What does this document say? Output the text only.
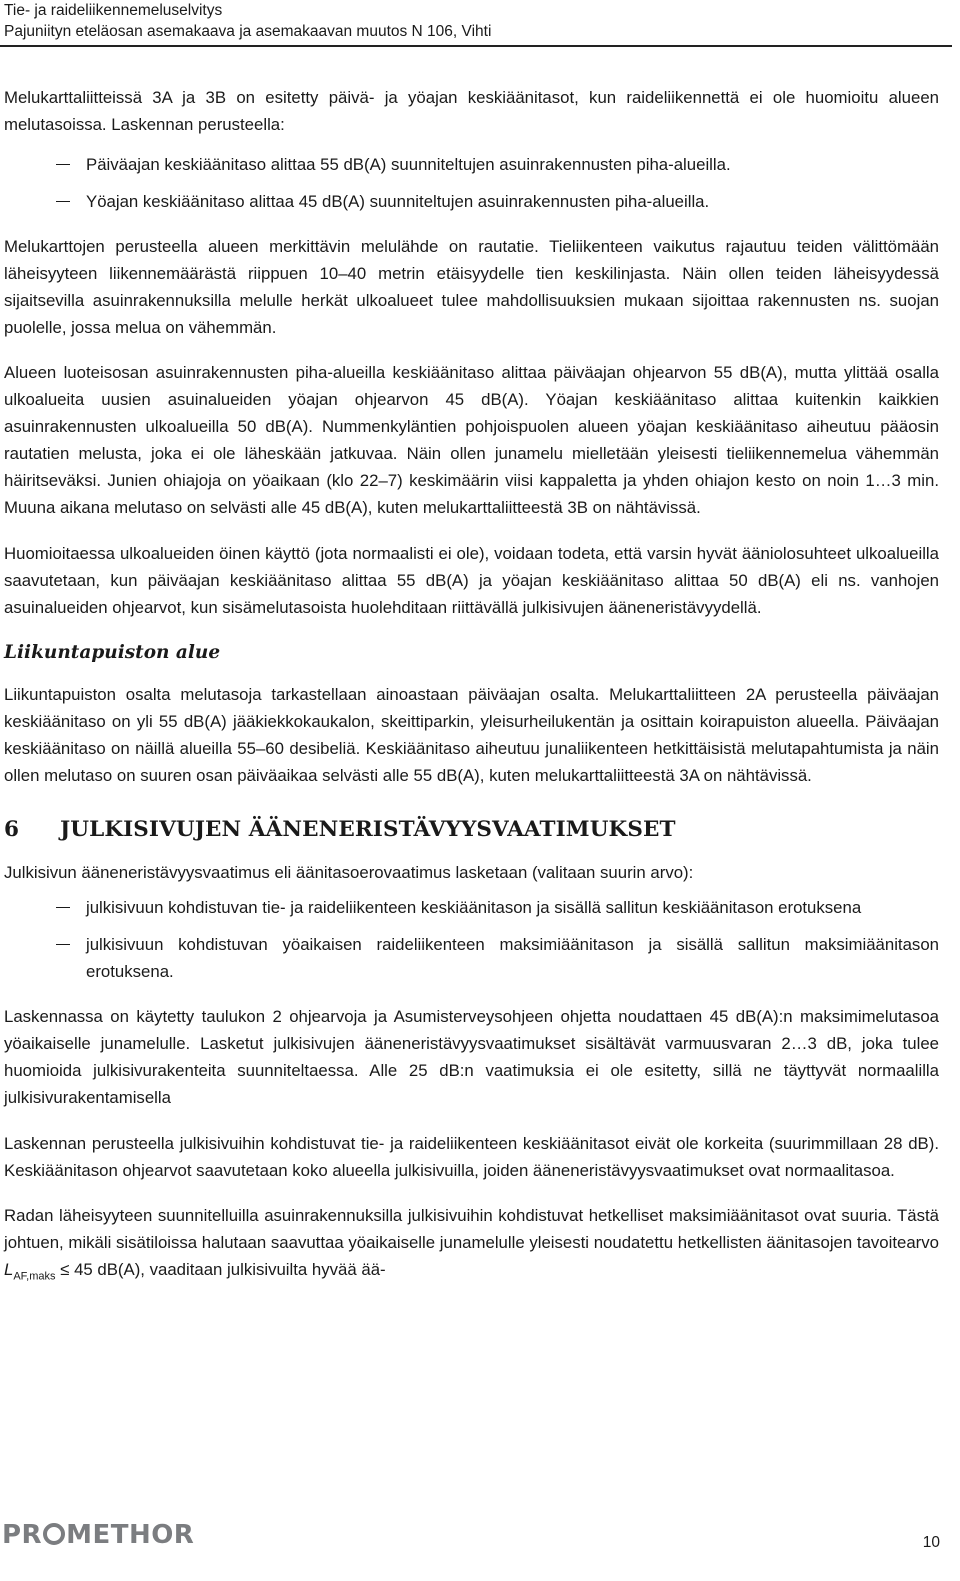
Tie- ja raideliikennemeluselvitys
Pajuniityn eteläosan asemakaava ja asemakaavan muutos N 106, Vihti

Melukarttaliitteissä 3A ja 3B on esitetty päivä- ja yöajan keskiäänitasot, kun raideliikennettä ei ole huomioitu alueen melutasoissa. Laskennan perusteella:

Päiväajan keskiäänitaso alittaa 55 dB(A) suunniteltujen asuinrakennusten piha-alueilla.
Yöajan keskiäänitaso alittaa 45 dB(A) suunniteltujen asuinrakennusten piha-alueilla.

Melukarttojen perusteella alueen merkittävin melulähde on rautatie. Tieliikenteen vaikutus rajautuu teiden välittömään läheisyyteen liikennemäärästä riippuen 10–40 metrin etäisyydelle tien keskilinjasta. Näin ollen teiden läheisyydessä sijaitsevilla asuinrakennuksilla melulle herkät ulkoalueet tulee mahdollisuuksien mukaan sijoittaa rakennusten ns. suojan puolelle, jossa melua on vähemmän.

Alueen luoteisosan asuinrakennusten piha-alueilla keskiäänitaso alittaa päiväajan ohjearvon 55 dB(A), mutta ylittää osalla ulkoalueita uusien asuinalueiden yöajan ohjearvon 45 dB(A). Yöajan keskiäänitaso alittaa kuitenkin kaikkien asuinrakennusten ulkoalueilla 50 dB(A). Nummenkyläntien pohjoispuolen alueen yöajan keskiäänitaso aiheutuu pääosin rautatien melusta, joka ei ole läheskään jatkuvaa. Näin ollen junamelu mielletään yleisesti tieliikennemelua vähemmän häiritseväksi. Junien ohiajoja on yöaikaan (klo 22–7) keskimäärin viisi kappaletta ja yhden ohiajon kesto on noin 1…3 min. Muuna aikana melutaso on selvästi alle 45 dB(A), kuten melukarttaliitteestä 3B on nähtävissä.

Huomioitaessa ulkoalueiden öinen käyttö (jota normaalisti ei ole), voidaan todeta, että varsin hyvät ääniolosuhteet ulkoalueilla saavutetaan, kun päiväajan keskiäänitaso alittaa 55 dB(A) ja yöajan keskiäänitaso alittaa 50 dB(A) eli ns. vanhojen asuinalueiden ohjearvot, kun sisämelutasoista huolehditaan riittävällä julkisivujen ääneneristävyydellä.

Liikuntapuiston alue

Liikuntapuiston osalta melutasoja tarkastellaan ainoastaan päiväajan osalta. Melukarttaliitteen 2A perusteella päiväajan keskiäänitaso on yli 55 dB(A) jääkiekkokaukalon, skeittiparkin, yleisurheilukentän ja osittain koirapuiston alueella. Päiväajan keskiäänitaso on näillä alueilla 55–60 desibeliä. Keskiäänitaso aiheutuu junaliikenteen hetkittäisistä melutapahtumista ja näin ollen melutaso on suuren osan päiväaikaa selvästi alle 55 dB(A), kuten melukarttaliitteestä 3A on nähtävissä.

6 JULKISIVUJEN ÄÄNENERISTÄVYYSVAATIMUKSET

Julkisivun ääneneristävyysvaatimus eli äänitasoerovaatimus lasketaan (valitaan suurin arvo):

julkisivuun kohdistuvan tie- ja raideliikenteen keskiäänitason ja sisällä sallitun keskiäänitason erotuksena
julkisivuun kohdistuvan yöaikaisen raideliikenteen maksimiäänitason ja sisällä sallitun maksimiäänitason erotuksena.

Laskennassa on käytetty taulukon 2 ohjearvoja ja Asumisterveysohjeen ohjetta noudattaen 45 dB(A):n maksimimelutasoa yöaikaiselle junamelulle. Lasketut julkisivujen ääneneristävyysvaatimukset sisältävät varmuusvaran 2…3 dB, joka tulee huomioida julkisivurakenteita suunniteltaessa. Alle 25 dB:n vaatimuksia ei ole esitetty, sillä ne täyttyvät normaalilla julkisivurakentamisella

Laskennan perusteella julkisivuihin kohdistuvat tie- ja raideliikenteen keskiäänitasot eivät ole korkeita (suurimmillaan 28 dB). Keskiäänitason ohjearvot saavutetaan koko alueella julkisivuilla, joiden ääneneristävyysvaatimukset ovat normaalitasoa.

Radan läheisyyteen suunnitelluilla asuinrakennuksilla julkisivuihin kohdistuvat hetkelliset maksimiäänitasot ovat suuria. Tästä johtuen, mikäli sisätiloissa halutaan saavuttaa yöaikaiselle junamelulle yleisesti noudatettu hetkellisten äänitasojen tavoitearvo $L_{AF,maks} \le 45$ dB(A), vaaditaan julkisivuilta hyvää ää-

PR METHOR	10
